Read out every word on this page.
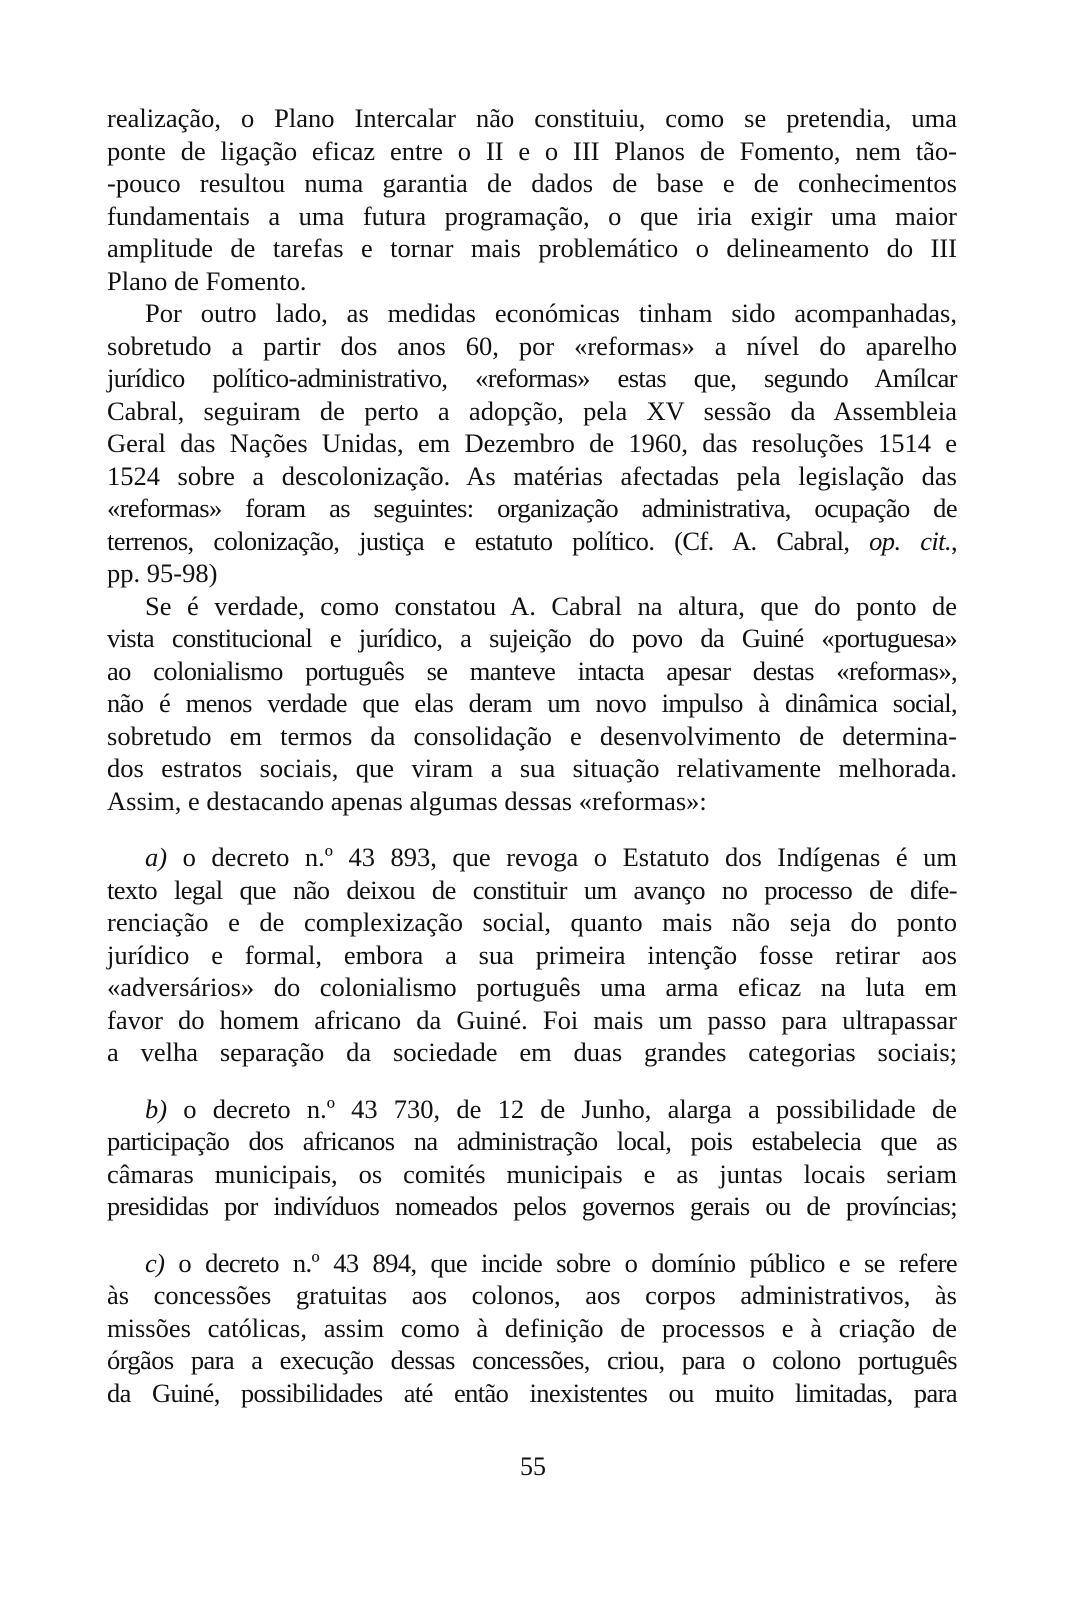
realização, o Plano Intercalar não constituiu, como se pretendia, uma
ponte de ligação eficaz entre o II e o III Planos de Fomento, nem tão-
-pouco resultou numa garantia de dados de base e de conhecimentos
fundamentais a uma futura programação, o que iria exigir uma maior
amplitude de tarefas e tornar mais problemático o delineamento do III
Plano de Fomento.
Por outro lado, as medidas económicas tinham sido acompanhadas,
sobretudo a partir dos anos 60, por «reformas» a nível do aparelho
jurídico político-administrativo, «reformas» estas que, segundo Amílcar
Cabral, seguiram de perto a adopção, pela XV sessão da Assembleia
Geral das Nações Unidas, em Dezembro de 1960, das resoluções 1514 e
1524 sobre a descolonização. As matérias afectadas pela legislação das
«reformas» foram as seguintes: organização administrativa, ocupação de
terrenos, colonização, justiça e estatuto político. (Cf. A. Cabral, op. cit.,
pp. 95-98)
Se é verdade, como constatou A. Cabral na altura, que do ponto de
vista constitucional e jurídico, a sujeição do povo da Guiné «portuguesa»
ao colonialismo português se manteve intacta apesar destas «reformas»,
não é menos verdade que elas deram um novo impulso à dinâmica social,
sobretudo em termos da consolidação e desenvolvimento de determina-
dos estratos sociais, que viram a sua situação relativamente melhorada.
Assim, e destacando apenas algumas dessas «reformas»:
a) o decreto n.º 43 893, que revoga o Estatuto dos Indígenas é um
texto legal que não deixou de constituir um avanço no processo de dife-
renciação e de complexização social, quanto mais não seja do ponto
jurídico e formal, embora a sua primeira intenção fosse retirar aos
«adversários» do colonialismo português uma arma eficaz na luta em
favor do homem africano da Guiné. Foi mais um passo para ultrapassar
a velha separação da sociedade em duas grandes categorias sociais;
b) o decreto n.º 43 730, de 12 de Junho, alarga a possibilidade de
participação dos africanos na administração local, pois estabelecia que as
câmaras municipais, os comités municipais e as juntas locais seriam
presididas por indivíduos nomeados pelos governos gerais ou de províncias;
c) o decreto n.º 43 894, que incide sobre o domínio público e se refere
às concessões gratuitas aos colonos, aos corpos administrativos, às
missões católicas, assim como à definição de processos e à criação de
órgãos para a execução dessas concessões, criou, para o colono português
da Guiné, possibilidades até então inexistentes ou muito limitadas, para
55
